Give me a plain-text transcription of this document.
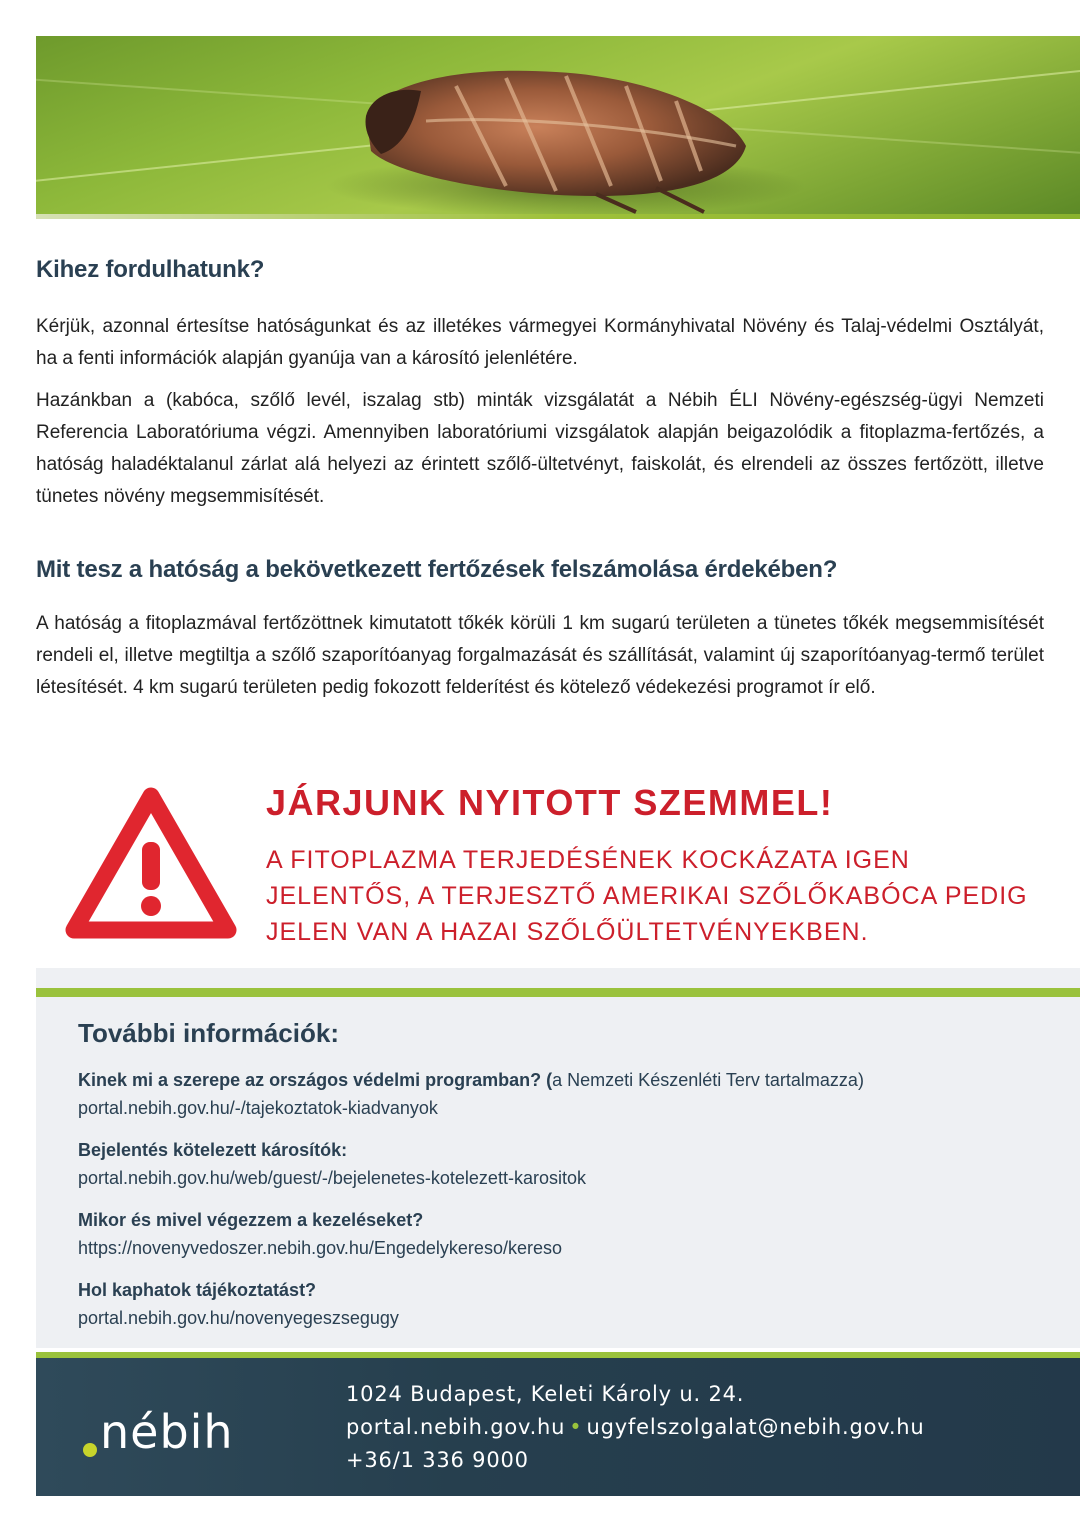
Kihez fordulhatunk?

Kérjük, azonnal értesítse hatóságunkat és az illetékes vármegyei Kormányhivatal Növény és Talaj-védelmi Osztályát, ha a fenti információk alapján gyanúja van a károsító jelenlétére.

Hazánkban a (kabóca, szőlő levél, iszalag stb) minták vizsgálatát a Nébih ÉLI Növény-egészség-ügyi Nemzeti Referencia Laboratóriuma végzi. Amennyiben laboratóriumi vizsgálatok alapján beigazolódik a fitoplazma-fertőzés, a hatóság haladéktalanul zárlat alá helyezi az érintett szőlő-ültetvényt, faiskolát, és elrendeli az összes fertőzött, illetve tünetes növény megsemmisítését.

Mit tesz a hatóság a bekövetkezett fertőzések felszámolása érdekében?

A hatóság a fitoplazmával fertőzöttnek kimutatott tőkék körüli 1 km sugarú területen a tünetes tőkék megsemmisítését rendeli el, illetve megtiltja a szőlő szaporítóanyag forgalmazását és szállítását, valamint új szaporítóanyag-termő terület létesítését. 4 km sugarú területen pedig fokozott felderítést és kötelező védekezési programot ír elő.

JÁRJUNK NYITOTT SZEMMEL!
A FITOPLAZMA TERJEDÉSÉNEK KOCKÁZATA IGEN JELENTŐS, A TERJESZTŐ AMERIKAI SZŐLŐKABÓCA PEDIG JELEN VAN A HAZAI SZŐLŐÜLTETVÉNYEKBEN.
További információk:
Kinek mi a szerepe az országos védelmi programban? (a Nemzeti Készenléti Terv tartalmazza)
portal.nebih.gov.hu/-/tajekoztatok-kiadvanyok
Bejelentés kötelezett károsítók:
portal.nebih.gov.hu/web/guest/-/bejelenetes-kotelezett-karositok
Mikor és mivel végezzem a kezeléseket?
https://novenyvedoszer.nebih.gov.hu/Engedelykereso/kereso
Hol kaphatok tájékoztatást?
portal.nebih.gov.hu/novenyegeszsegugy
nébih
1024 Budapest, Keleti Károly u. 24.
portal.nebih.gov.hu • ugyfelszolgalat@nebih.gov.hu
+36/1 336 9000
